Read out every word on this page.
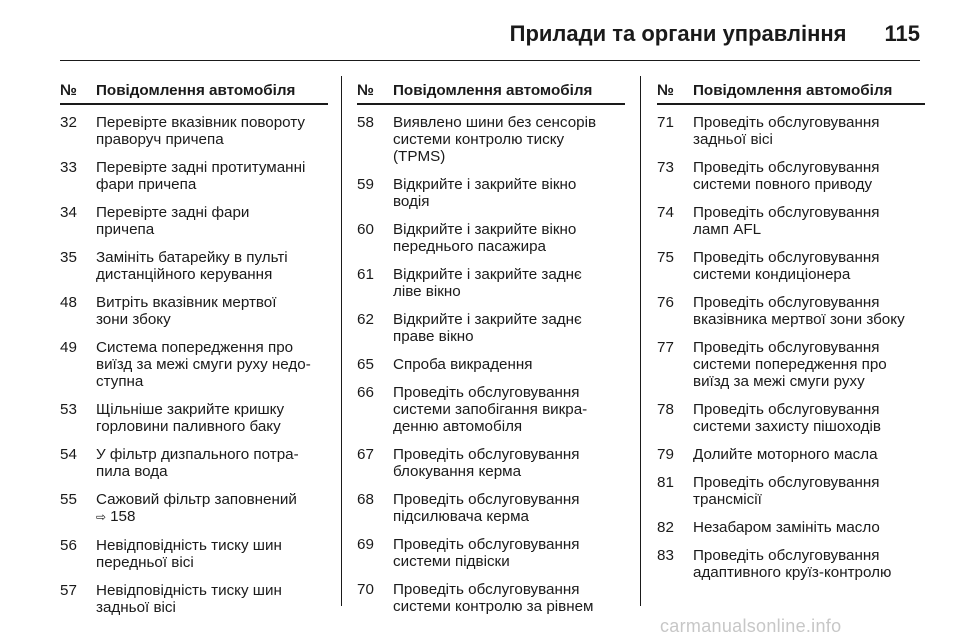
Прилади та органи управління 115
№	Повідомлення автомобіля
32	Перевірте вказівник повороту
праворуч причепа
33	Перевірте задні протитуманні
фари причепа
34	Перевірте задні фари
причепа
35	Замініть батарейку в пульті
дистанційного керування
48	Витріть вказівник мертвої
зони збоку
49	Система попередження про
виїзд за межі смуги руху недо-
ступна
53	Щільніше закрийте кришку
горловини паливного баку
54	У фільтр дизпального потра-
пила вода
55	Сажовий фільтр заповнений
⇨ 158
56	Невідповідність тиску шин
передньої вісі
57	Невідповідність тиску шин
задньої вісі
№	Повідомлення автомобіля
58	Виявлено шини без сенсорів
системи контролю тиску
(TPMS)
59	Відкрийте і закрийте вікно
водія
60	Відкрийте і закрийте вікно
переднього пасажира
61	Відкрийте і закрийте заднє
ліве вікно
62	Відкрийте і закрийте заднє
праве вікно
65	Спроба викрадення
66	Проведіть обслуговування
системи запобігання викра-
денню автомобіля
67	Проведіть обслуговування
блокування керма
68	Проведіть обслуговування
підсилювача керма
69	Проведіть обслуговування
системи підвіски
70	Проведіть обслуговування
системи контролю за рівнем
№	Повідомлення автомобіля
71	Проведіть обслуговування
задньої вісі
73	Проведіть обслуговування
системи повного приводу
74	Проведіть обслуговування
ламп AFL
75	Проведіть обслуговування
системи кондиціонера
76	Проведіть обслуговування
вказівника мертвої зони збоку
77	Проведіть обслуговування
системи попередження про
виїзд за межі смуги руху
78	Проведіть обслуговування
системи захисту пішоходів
79	Долийте моторного масла
81	Проведіть обслуговування
трансмісії
82	Незабаром замініть масло
83	Проведіть обслуговування
адаптивного круїз-контролю
carmanualsonline.info
